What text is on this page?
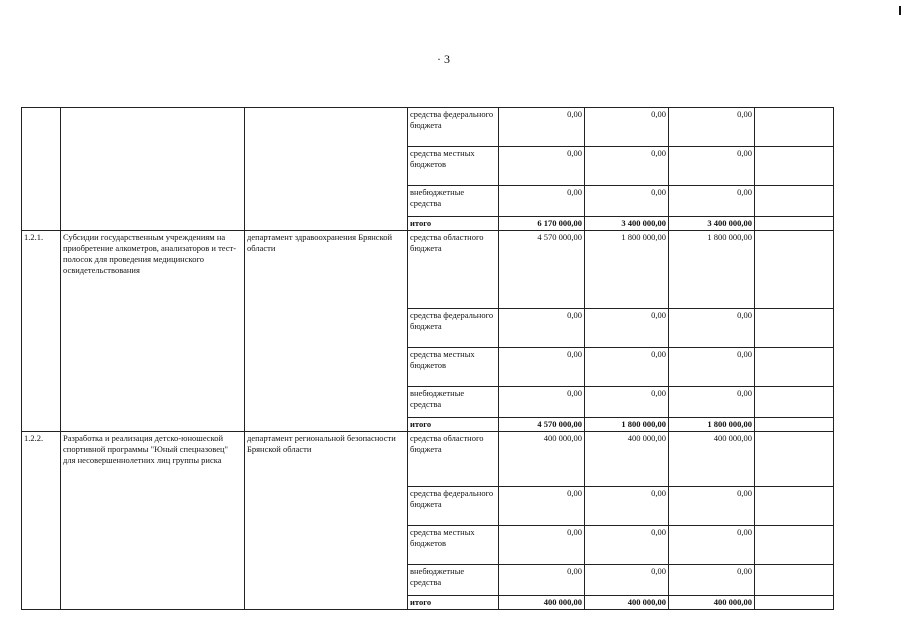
· 3
			средства федерального бюджета	0,00	0,00	0,00	
			средства местных бюджетов	0,00	0,00	0,00	
			внебюджетные средства	0,00	0,00	0,00	
			итого	6 170 000,00	3 400 000,00	3 400 000,00	
1.2.1.	Субсидии государственным учреждениям на приобретение алкометров, анализаторов и тест-полосок для проведения медицинского освидетельствования	департамент здравоохранения Брянской области	средства областного бюджета	4 570 000,00	1 800 000,00	1 800 000,00	
			средства федерального бюджета	0,00	0,00	0,00	
			средства местных бюджетов	0,00	0,00	0,00	
			внебюджетные средства	0,00	0,00	0,00	
			итого	4 570 000,00	1 800 000,00	1 800 000,00	
1.2.2.	Разработка и реализация детско-юношеской спортивной программы "Юный спецназовец" для несовершеннолетних лиц группы риска	департамент региональной безопасности Брянской области	средства областного бюджета	400 000,00	400 000,00	400 000,00	
			средства федерального бюджета	0,00	0,00	0,00	
			средства местных бюджетов	0,00	0,00	0,00	
			внебюджетные средства	0,00	0,00	0,00	
			итого	400 000,00	400 000,00	400 000,00	
